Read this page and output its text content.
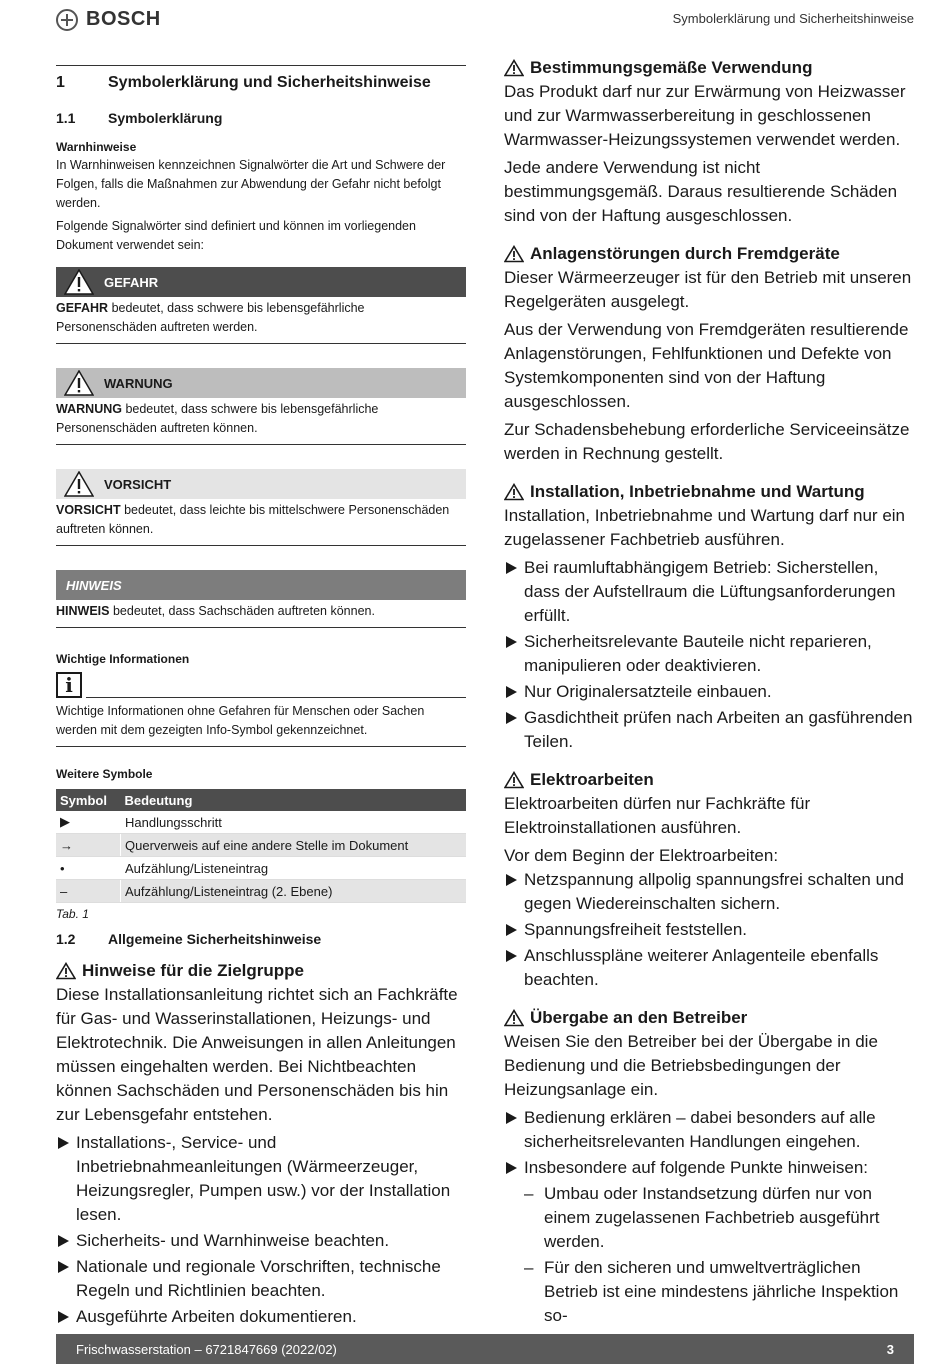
BOSCH	Symbolerklärung und Sicherheitshinweise
1	Symbolerklärung und Sicherheitshinweise
1.1	Symbolerklärung
Warnhinweise

In Warnhinweisen kennzeichnen Signalwörter die Art und Schwere der Folgen, falls die Maßnahmen zur Abwendung der Gefahr nicht befolgt werden.

Folgende Signalwörter sind definiert und können im vorliegenden Dokument verwendet sein:

GEFAHR
GEFAHR bedeutet, dass schwere bis lebensgefährliche Personenschäden auftreten werden.
WARNUNG
WARNUNG bedeutet, dass schwere bis lebensgefährliche Personenschäden auftreten können.
VORSICHT
VORSICHT bedeutet, dass leichte bis mittelschwere Personenschäden auftreten können.
HINWEIS
HINWEIS bedeutet, dass Sachschäden auftreten können.
Wichtige Informationen
i
Wichtige Informationen ohne Gefahren für Menschen oder Sachen werden mit dem gezeigten Info-Symbol gekennzeichnet.
Weitere Symbole
Symbol	Bedeutung
▶	Handlungsschritt
→	Querverweis auf eine andere Stelle im Dokument
•	Aufzählung/Listeneintrag
–	Aufzählung/Listeneintrag (2. Ebene)
Tab. 1
1.2	Allgemeine Sicherheitshinweise
Hinweise für die Zielgruppe

Diese Installationsanleitung richtet sich an Fachkräfte für Gas- und Wasserinstallationen, Heizungs- und Elektrotechnik. Die Anweisungen in allen Anleitungen müssen eingehalten werden. Bei Nichtbeachten können Sachschäden und Personenschäden bis hin zur Lebensgefahr entstehen.

Installations-, Service- und Inbetriebnahmeanleitungen (Wärmeerzeuger, Heizungsregler, Pumpen usw.) vor der Installation lesen.
Sicherheits- und Warnhinweise beachten.
Nationale und regionale Vorschriften, technische Regeln und Richtlinien beachten.
Ausgeführte Arbeiten dokumentieren.
Bestimmungsgemäße Verwendung

Das Produkt darf nur zur Erwärmung von Heizwasser und zur Warmwasserbereitung in geschlossenen Warmwasser-Heizungssystemen verwendet werden.

Jede andere Verwendung ist nicht bestimmungsgemäß. Daraus resultierende Schäden sind von der Haftung ausgeschlossen.

Anlagenstörungen durch Fremdgeräte

Dieser Wärmeerzeuger ist für den Betrieb mit unseren Regelgeräten ausgelegt.

Aus der Verwendung von Fremdgeräten resultierende Anlagenstörungen, Fehlfunktionen und Defekte von Systemkomponenten sind von der Haftung ausgeschlossen.

Zur Schadensbehebung erforderliche Serviceeinsätze werden in Rechnung gestellt.

Installation, Inbetriebnahme und Wartung

Installation, Inbetriebnahme und Wartung darf nur ein zugelassener Fachbetrieb ausführen.

Bei raumluftabhängigem Betrieb: Sicherstellen, dass der Aufstellraum die Lüftungsanforderungen erfüllt.
Sicherheitsrelevante Bauteile nicht reparieren, manipulieren oder deaktivieren.
Nur Originalersatzteile einbauen.
Gasdichtheit prüfen nach Arbeiten an gasführenden Teilen.
Elektroarbeiten

Elektroarbeiten dürfen nur Fachkräfte für Elektroinstallationen ausführen.

Vor dem Beginn der Elektroarbeiten:

Netzspannung allpolig spannungsfrei schalten und gegen Wiedereinschalten sichern.
Spannungsfreiheit feststellen.
Anschlusspläne weiterer Anlagenteile ebenfalls beachten.
Übergabe an den Betreiber

Weisen Sie den Betreiber bei der Übergabe in die Bedienung und die Betriebsbedingungen der Heizungsanlage ein.

Bedienung erklären – dabei besonders auf alle sicherheitsrelevanten Handlungen eingehen.
Insbesondere auf folgende Punkte hinweisen:
– Umbau oder Instandsetzung dürfen nur von einem zugelassenen Fachbetrieb ausgeführt werden.
– Für den sicheren und umweltverträglichen Betrieb ist eine mindestens jährliche Inspektion so-
Frischwasserstation – 6721847669 (2022/02)	3
